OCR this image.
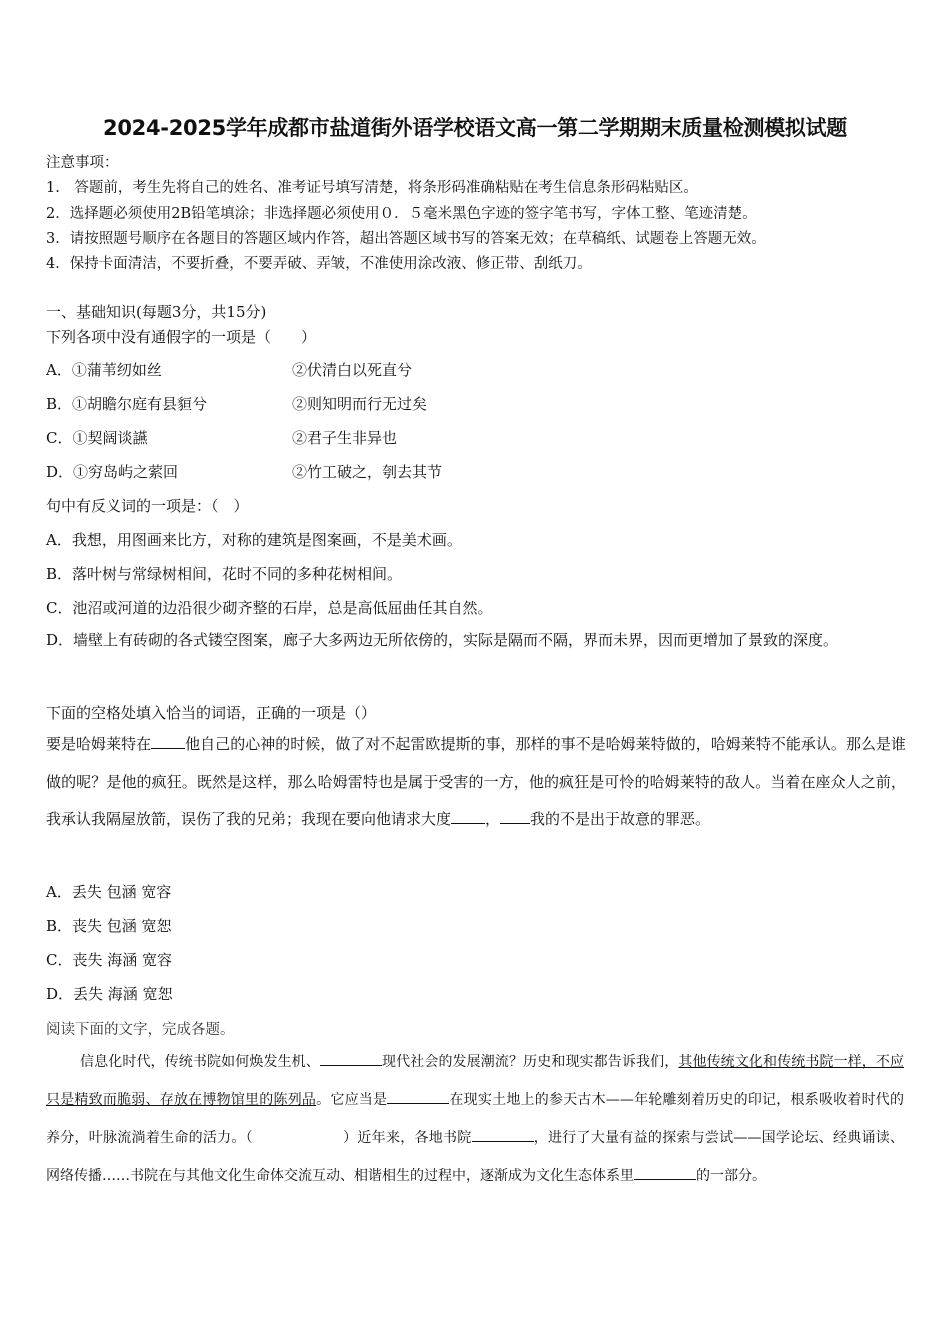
2024-2025学年成都市盐道街外语学校语文高一第二学期期末质量检测模拟试题
注意事项：
1.　答题前，考生先将自己的姓名、准考证号填写清楚，将条形码准确粘贴在考生信息条形码粘贴区。
2．选择题必须使用2B铅笔填涂；非选择题必须使用０．５毫米黑色字迹的签字笔书写，字体工整、笔迹清楚。
3．请按照题号顺序在各题目的答题区域内作答，超出答题区域书写的答案无效；在草稿纸、试题卷上答题无效。
4．保持卡面清洁，不要折叠，不要弄破、弄皱，不准使用涂改液、修正带、刮纸刀。
一、基础知识(每题3分，共15分)
下列各项中没有通假字的一项是（　　）
A．①蒲苇纫如丝	②伏清白以死直兮
B．①胡瞻尔庭有县貆兮	②则知明而行无过矣
C．①契阔谈讌	②君子生非异也
D．①穷岛屿之萦回	②竹工破之，刳去其节
句中有反义词的一项是：（　）
A．我想，用图画来比方，对称的建筑是图案画，不是美术画。
B．落叶树与常绿树相间，花时不同的多种花树相间。
C．池沼或河道的边沿很少砌齐整的石岸，总是高低屈曲任其自然。
D．墙壁上有砖砌的各式镂空图案，廊子大多两边无所依傍的，实际是隔而不隔，界而未界，因而更增加了景致的深度。
下面的空格处填入恰当的词语，正确的一项是（）
要是哈姆莱特在 他自己的心神的时候，做了对不起雷欧提斯的事，那样的事不是哈姆莱特做的，哈姆莱特不能承认。那么是谁做的呢？是他的疯狂。既然是这样，那么哈姆雷特也是属于受害的一方，他的疯狂是可怜的哈姆莱特的敌人。当着在座众人之前，我承认我隔屋放箭，误伤了我的兄弟；我现在要向他请求大度 ， 我的不是出于故意的罪恶。
A．丢失 包涵 宽容
B．丧失 包涵 宽恕
C．丧失 海涵 宽容
D．丢失 海涵 宽恕
阅读下面的文字，完成各题。
信息化时代，传统书院如何焕发生机、	现代社会的发展潮流？历史和现实都告诉我们，其他传统文化和传统书院一样，不应只是精致而脆弱、存放在博物馆里的陈列品。它应当是	在现实土地上的参天古木——年轮雕刻着历史的印记，根系吸收着时代的养分，叶脉流淌着生命的活力。（	）近年来，各地书院	，进行了大量有益的探索与尝试——国学论坛、经典诵读、网络传播……书院在与其他文化生命体交流互动、相谐相生的过程中，逐渐成为文化生态体系里	的一部分。
